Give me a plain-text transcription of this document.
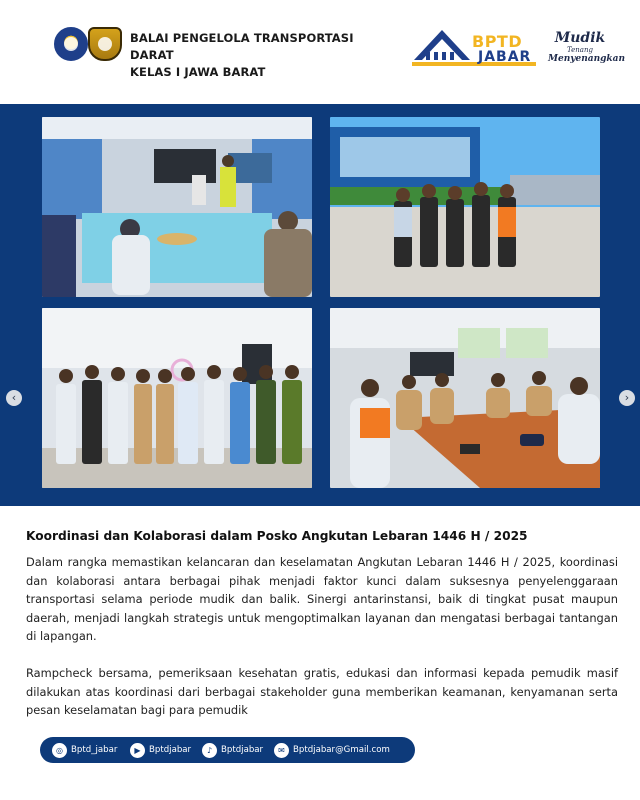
BALAI PENGELOLA TRANSPORTASI DARAT
KELAS I JAWA BARAT
BPTD
JABAR
Mudik
Tenang
Menyenangkan
‹	›
Koordinasi dan Kolaborasi dalam Posko Angkutan Lebaran 1446 H / 2025

Dalam rangka memastikan kelancaran dan keselamatan Angkutan Lebaran 1446 H / 2025, koordinasi dan kolaborasi antara berbagai pihak menjadi faktor kunci dalam suksesnya penyelenggaraan transportasi selama periode mudik dan balik. Sinergi antarinstansi, baik di tingkat pusat maupun daerah, menjadi langkah strategis untuk mengoptimalkan layanan dan mengatasi berbagai tantangan di lapangan.

Rampcheck bersama, pemeriksaan kesehatan gratis, edukasi dan informasi kepada pemudik masif dilakukan atas koordinasi dari berbagai stakeholder guna memberikan keamanan, kenyamanan serta pesan keselamatan bagi para pemudik

◎ Bptd_jabar	▶ Bptdjabar	♪	Bptdjabar	✉ Bptdjabar@Gmail.com
